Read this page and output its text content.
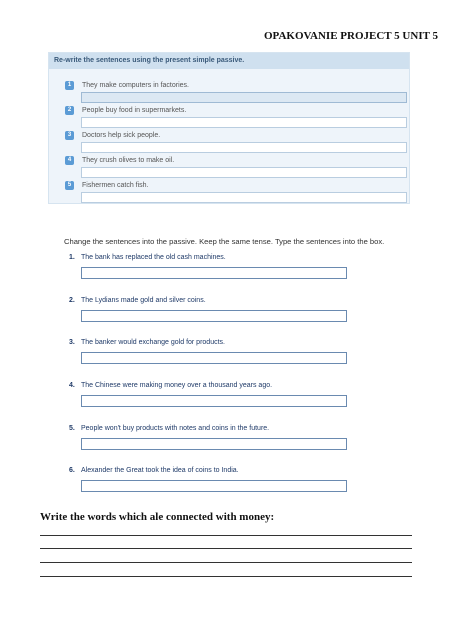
OPAKOVANIE PROJECT 5 UNIT 5
Re-write the sentences using the present simple passive.
1	They make computers in factories.
2	People buy food in supermarkets.
3	Doctors help sick people.
4	They crush olives to make oil.
5	Fishermen catch fish.
Change the sentences into the passive. Keep the same tense. Type the sentences into the box.
1. The bank has replaced the old cash machines.
2. The Lydians made gold and silver coins.
3. The banker would exchange gold for products.
4. The Chinese were making money over a thousand years ago.
5. People won't buy products with notes and coins in the future.
6. Alexander the Great took the idea of coins to India.
Write the words which ale connected with money:
